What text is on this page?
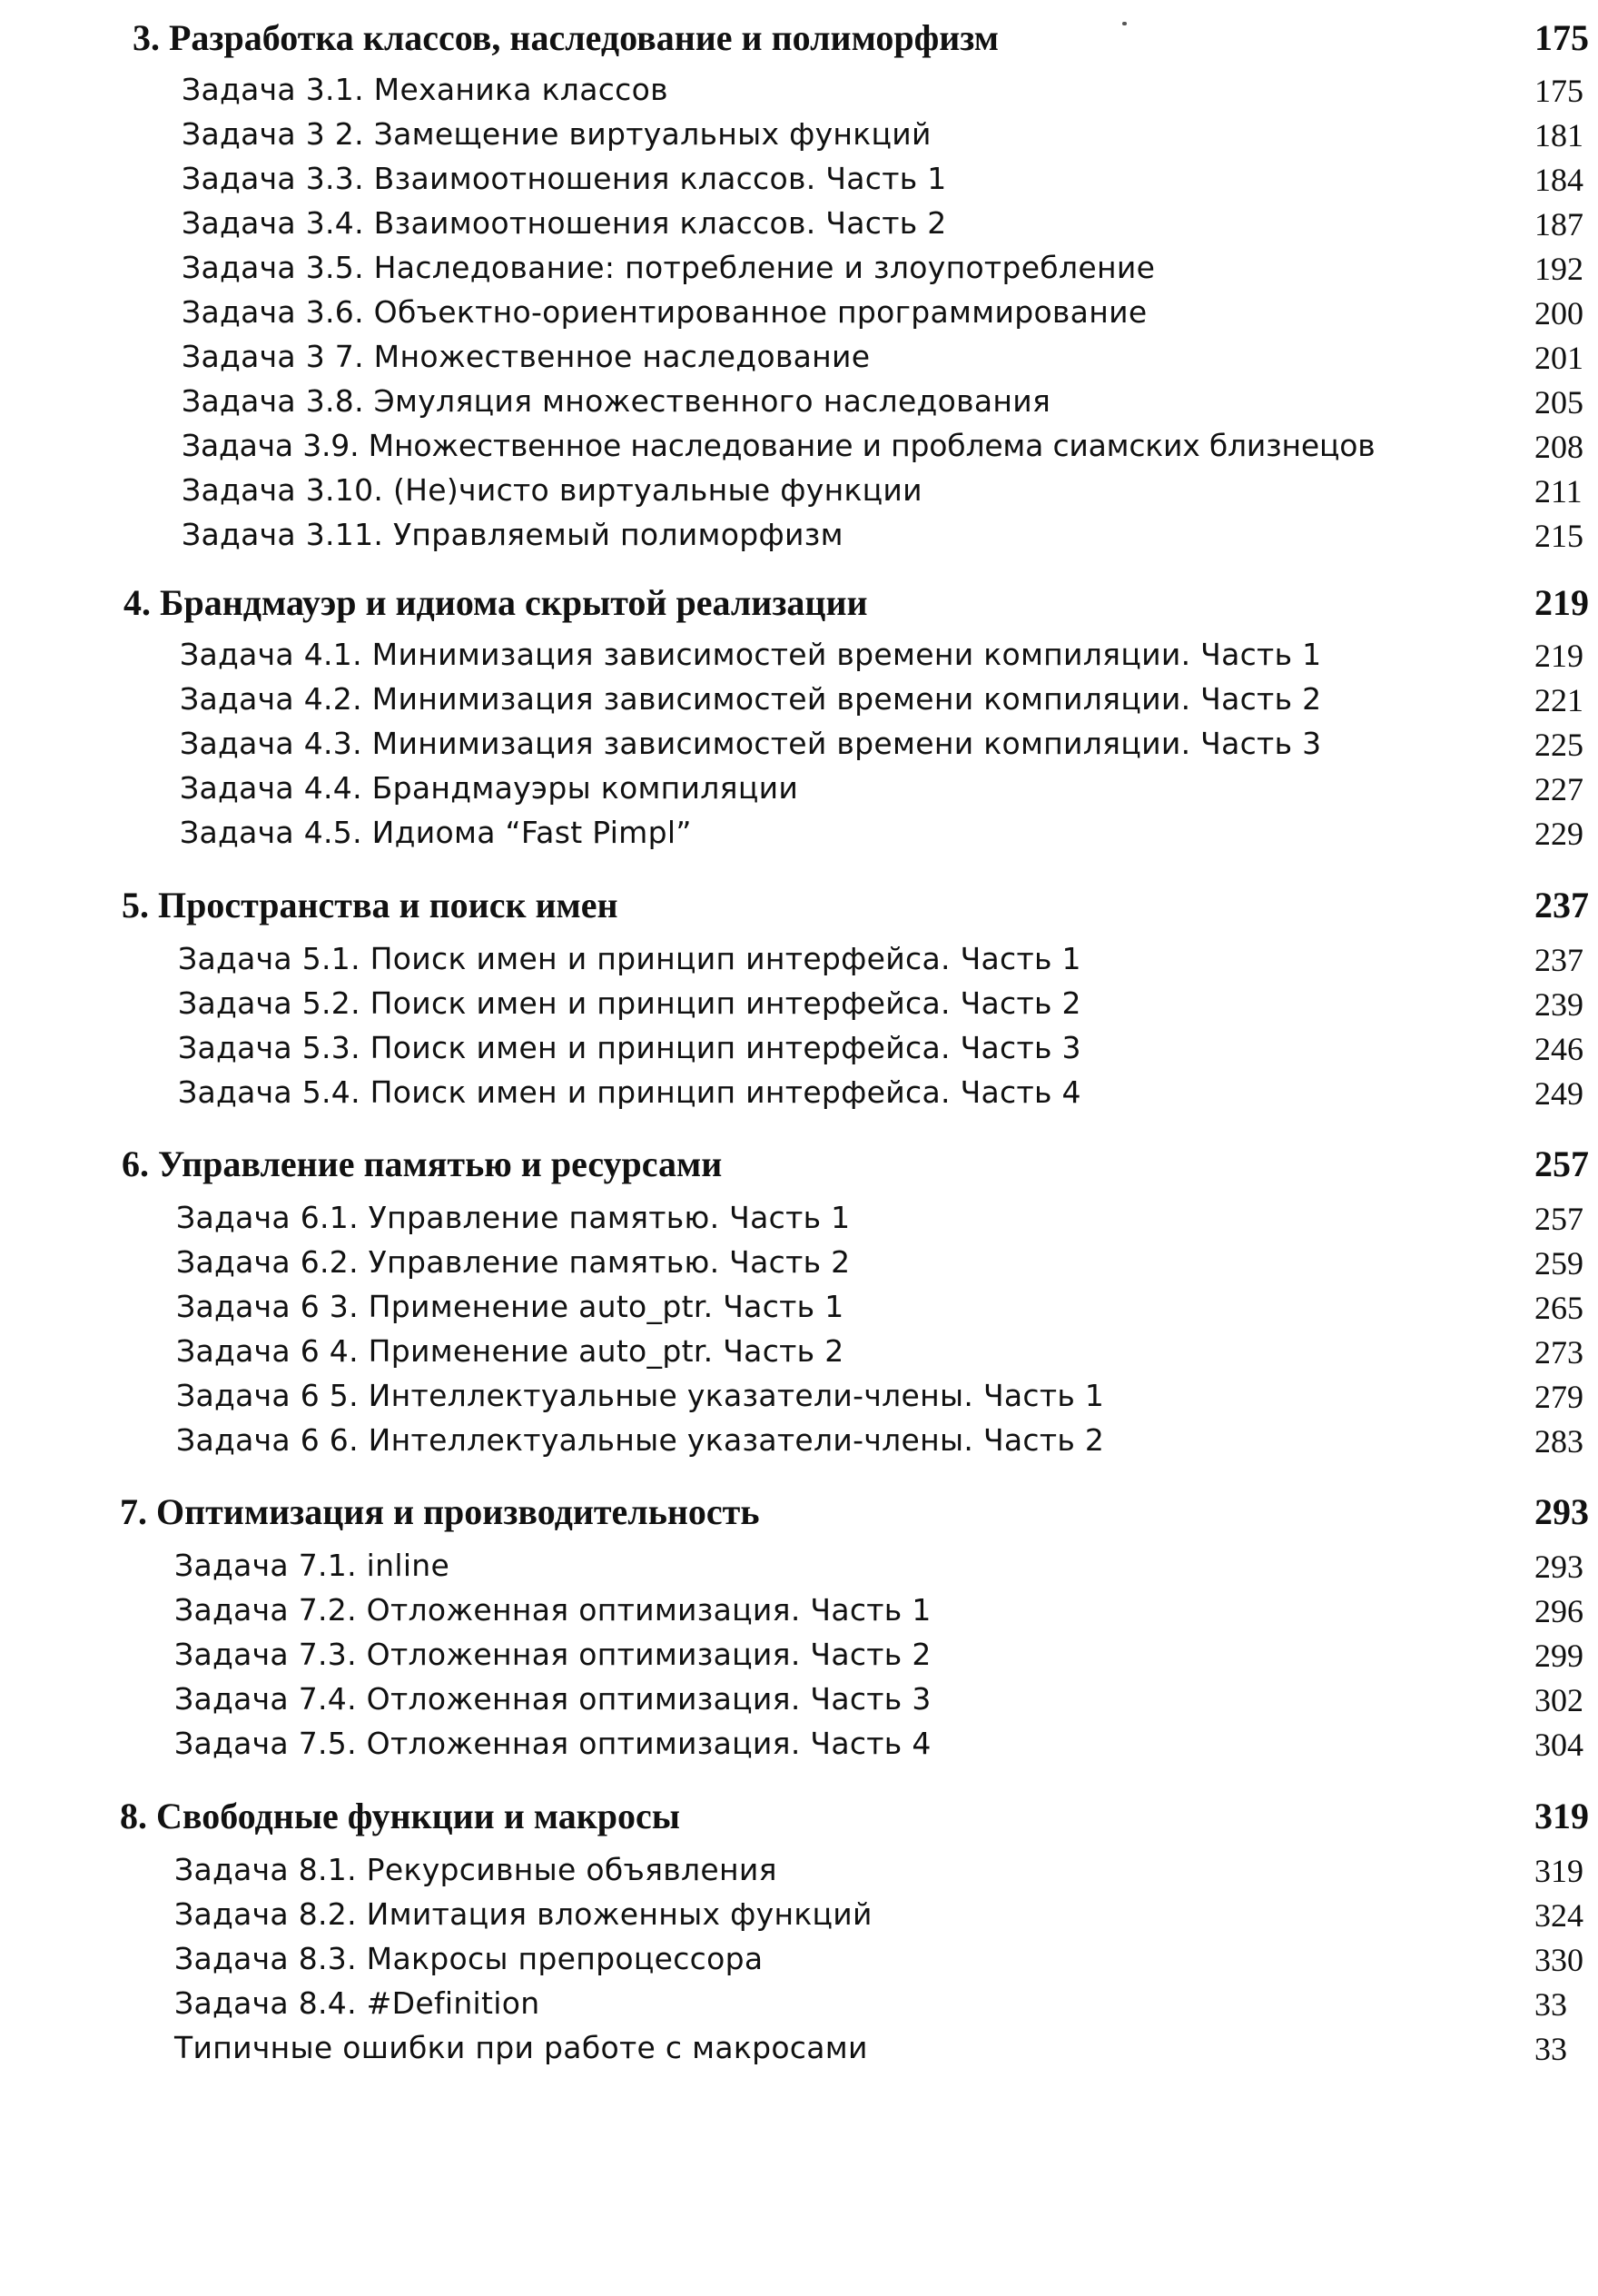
3. Разработка классов, наследование и полиморфизм	175
Задача 3.1. Механика классов	175
Задача 3 2. Замещение виртуальных функций	181
Задача 3.3. Взаимоотношения классов. Часть 1	184
Задача 3.4. Взаимоотношения классов. Часть 2	187
Задача 3.5. Наследование: потребление и злоупотребление	192
Задача 3.6. Объектно-ориентированное программирование	200
Задача 3 7. Множественное наследование	201
Задача 3.8. Эмуляция множественного наследования	205
Задача 3.9. Множественное наследование и проблема сиамских близнецов	208
Задача 3.10. (Не)чисто виртуальные функции	211
Задача 3.11. Управляемый полиморфизм	215
4. Брандмауэр и идиома скрытой реализации	219
Задача 4.1. Минимизация зависимостей времени компиляции. Часть 1	219
Задача 4.2. Минимизация зависимостей времени компиляции. Часть 2	221
Задача 4.3. Минимизация зависимостей времени компиляции. Часть 3	225
Задача 4.4. Брандмауэры компиляции	227
Задача 4.5. Идиома “Fast Pimpl”	229
5. Пространства и поиск имен	237
Задача 5.1. Поиск имен и принцип интерфейса. Часть 1	237
Задача 5.2. Поиск имен и принцип интерфейса. Часть 2	239
Задача 5.3. Поиск имен и принцип интерфейса. Часть 3	246
Задача 5.4. Поиск имен и принцип интерфейса. Часть 4	249
6. Управление памятью и ресурсами	257
Задача 6.1. Управление памятью. Часть 1	257
Задача 6.2. Управление памятью. Часть 2	259
Задача 6 3. Применение auto_ptr. Часть 1	265
Задача 6 4. Применение auto_ptr. Часть 2	273
Задача 6 5. Интеллектуальные указатели-члены. Часть 1	279
Задача 6 6. Интеллектуальные указатели-члены. Часть 2	283
7. Оптимизация и производительность	293
Задача 7.1. inline	293
Задача 7.2. Отложенная оптимизация. Часть 1	296
Задача 7.3. Отложенная оптимизация. Часть 2	299
Задача 7.4. Отложенная оптимизация. Часть 3	302
Задача 7.5. Отложенная оптимизация. Часть 4	304
8. Свободные функции и макросы	319
Задача 8.1. Рекурсивные объявления	319
Задача 8.2. Имитация вложенных функций	324
Задача 8.3. Макросы препроцессора	330
Задача 8.4. #Definition	33
Типичные ошибки при работе с макросами	33
